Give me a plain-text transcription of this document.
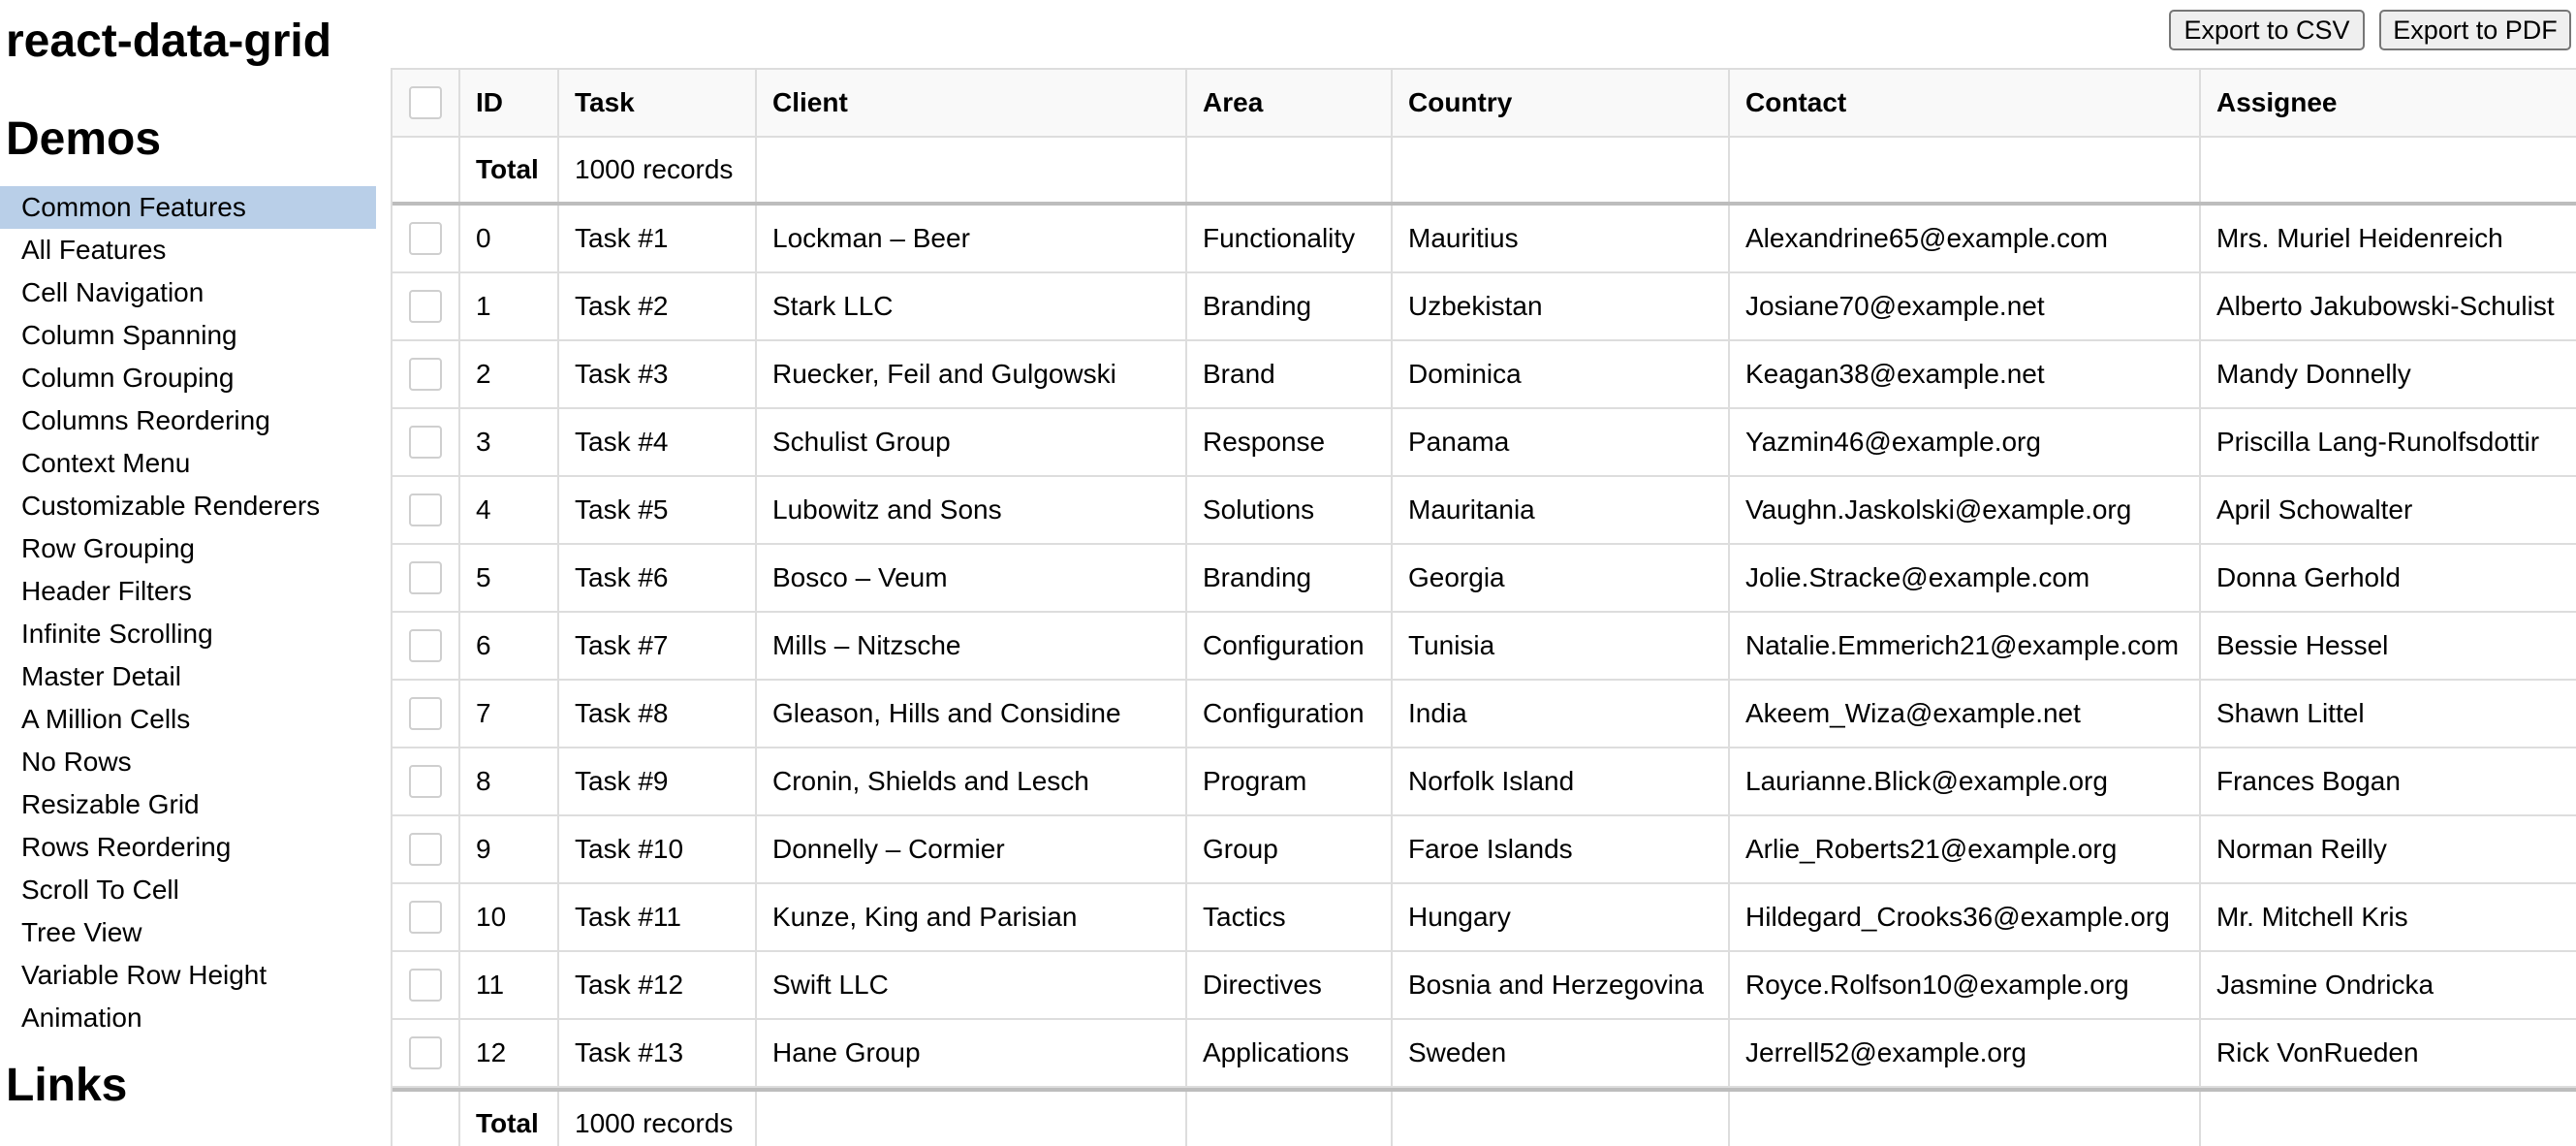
react-data-grid
Demos
Common Features
All Features
Cell Navigation
Column Spanning
Column Grouping
Columns Reordering
Context Menu
Customizable Renderers
Row Grouping
Header Filters
Infinite Scrolling
Master Detail
A Million Cells
No Rows
Resizable Grid
Rows Reordering
Scroll To Cell
Tree View
Variable Row Height
Animation
Links
Export to CSV	Export to PDF
ID	Task	Client	Area	Country	Contact	Assignee
Total	1000 records
0	Task #1	Lockman – Beer	Functionality	Mauritius	Alexandrine65@example.com	Mrs. Muriel Heidenreich
1	Task #2	Stark LLC	Branding	Uzbekistan	Josiane70@example.net	Alberto Jakubowski-Schulist
2	Task #3	Ruecker, Feil and Gulgowski	Brand	Dominica	Keagan38@example.net	Mandy Donnelly
3	Task #4	Schulist Group	Response	Panama	Yazmin46@example.org	Priscilla Lang-Runolfsdottir
4	Task #5	Lubowitz and Sons	Solutions	Mauritania	Vaughn.Jaskolski@example.org	April Schowalter
5	Task #6	Bosco – Veum	Branding	Georgia	Jolie.Stracke@example.com	Donna Gerhold
6	Task #7	Mills – Nitzsche	Configuration	Tunisia	Natalie.Emmerich21@example.com	Bessie Hessel
7	Task #8	Gleason, Hills and Considine	Configuration	India	Akeem_Wiza@example.net	Shawn Littel
8	Task #9	Cronin, Shields and Lesch	Program	Norfolk Island	Laurianne.Blick@example.org	Frances Bogan
9	Task #10	Donnelly – Cormier	Group	Faroe Islands	Arlie_Roberts21@example.org	Norman Reilly
10	Task #11	Kunze, King and Parisian	Tactics	Hungary	Hildegard_Crooks36@example.org	Mr. Mitchell Kris
11	Task #12	Swift LLC	Directives	Bosnia and Herzegovina	Royce.Rolfson10@example.org	Jasmine Ondricka
12	Task #13	Hane Group	Applications	Sweden	Jerrell52@example.org	Rick VonRueden
Total	1000 records
